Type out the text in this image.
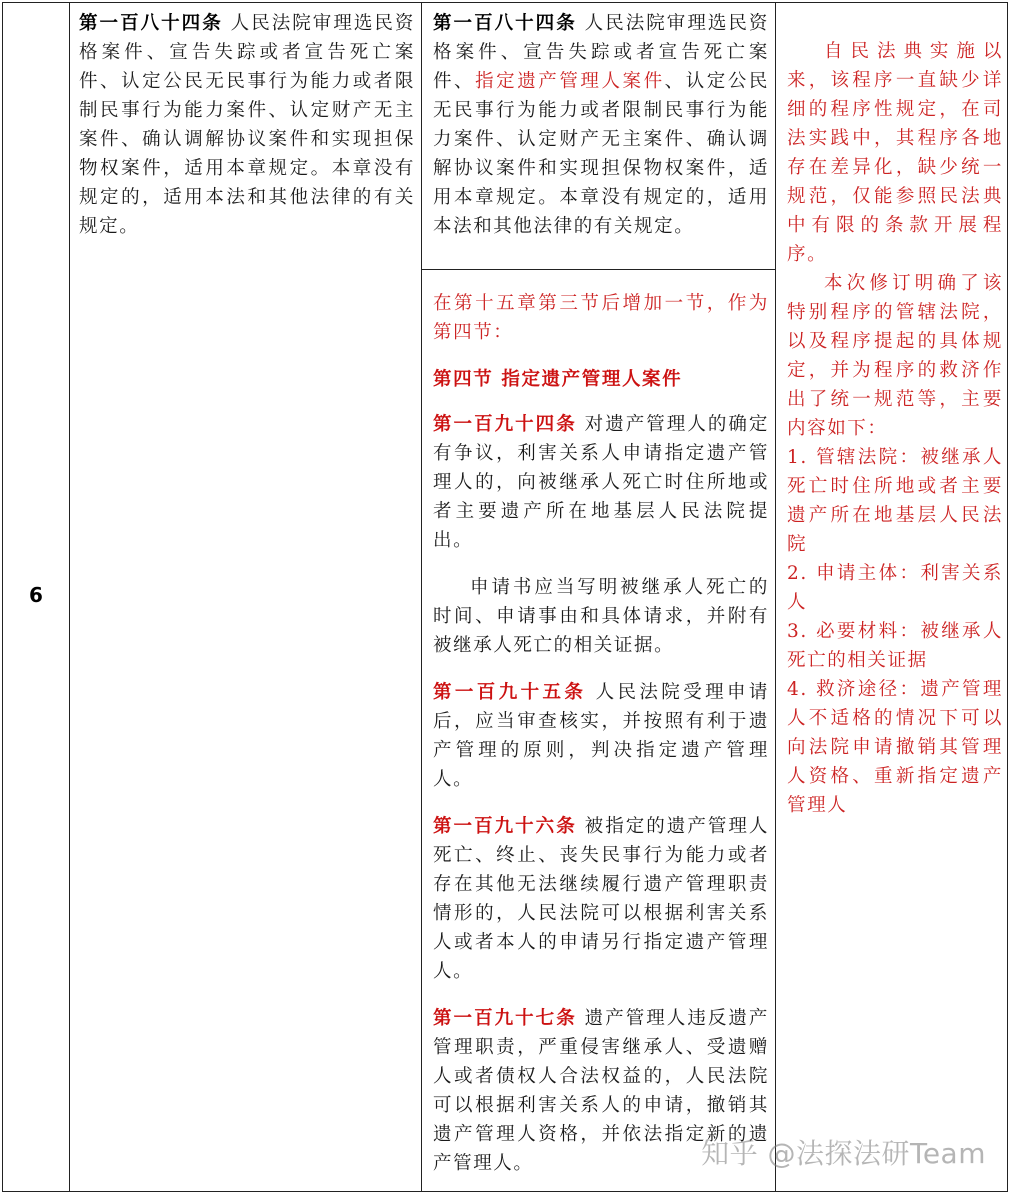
6
第一百八十四条 人民法院审理选民资格案件、宣告失踪或者宣告死亡案件、认定公民无民事行为能力或者限制民事行为能力案件、认定财产无主案件、确认调解协议案件和实现担保物权案件，适用本章规定。本章没有规定的，适用本法和其他法律的有关规定。
第一百八十四条 人民法院审理选民资格案件、宣告失踪或者宣告死亡案件、指定遗产管理人案件、认定公民无民事行为能力或者限制民事行为能力案件、认定财产无主案件、确认调解协议案件和实现担保物权案件，适用本章规定。本章没有规定的，适用本法和其他法律的有关规定。
在第十五章第三节后增加一节，作为第四节：
第四节 指定遗产管理人案件
第一百九十四条 对遗产管理人的确定有争议，利害关系人申请指定遗产管理人的，向被继承人死亡时住所地或者主要遗产所在地基层人民法院提出。
申请书应当写明被继承人死亡的时间、申请事由和具体请求，并附有被继承人死亡的相关证据。
第一百九十五条 人民法院受理申请后，应当审查核实，并按照有利于遗产管理的原则，判决指定遗产管理人。
第一百九十六条 被指定的遗产管理人死亡、终止、丧失民事行为能力或者存在其他无法继续履行遗产管理职责情形的，人民法院可以根据利害关系人或者本人的申请另行指定遗产管理人。
第一百九十七条 遗产管理人违反遗产管理职责，严重侵害继承人、受遗赠人或者债权人合法权益的，人民法院可以根据利害关系人的申请，撤销其遗产管理人资格，并依法指定新的遗产管理人。

自民法典实施以来，该程序一直缺少详细的程序性规定，在司法实践中，其程序各地存在差异化，缺少统一规范，仅能参照民法典中有限的条款开展程序。

本次修订明确了该特别程序的管辖法院，以及程序提起的具体规定，并为程序的救济作出了统一规范等，主要内容如下：

1. 管辖法院：被继承人死亡时住所地或者主要遗产所在地基层人民法院

2. 申请主体：利害关系人

3. 必要材料：被继承人死亡的相关证据

4. 救济途径：遗产管理人不适格的情况下可以向法院申请撤销其管理人资格、重新指定遗产管理人

知乎 @法探法研Team
